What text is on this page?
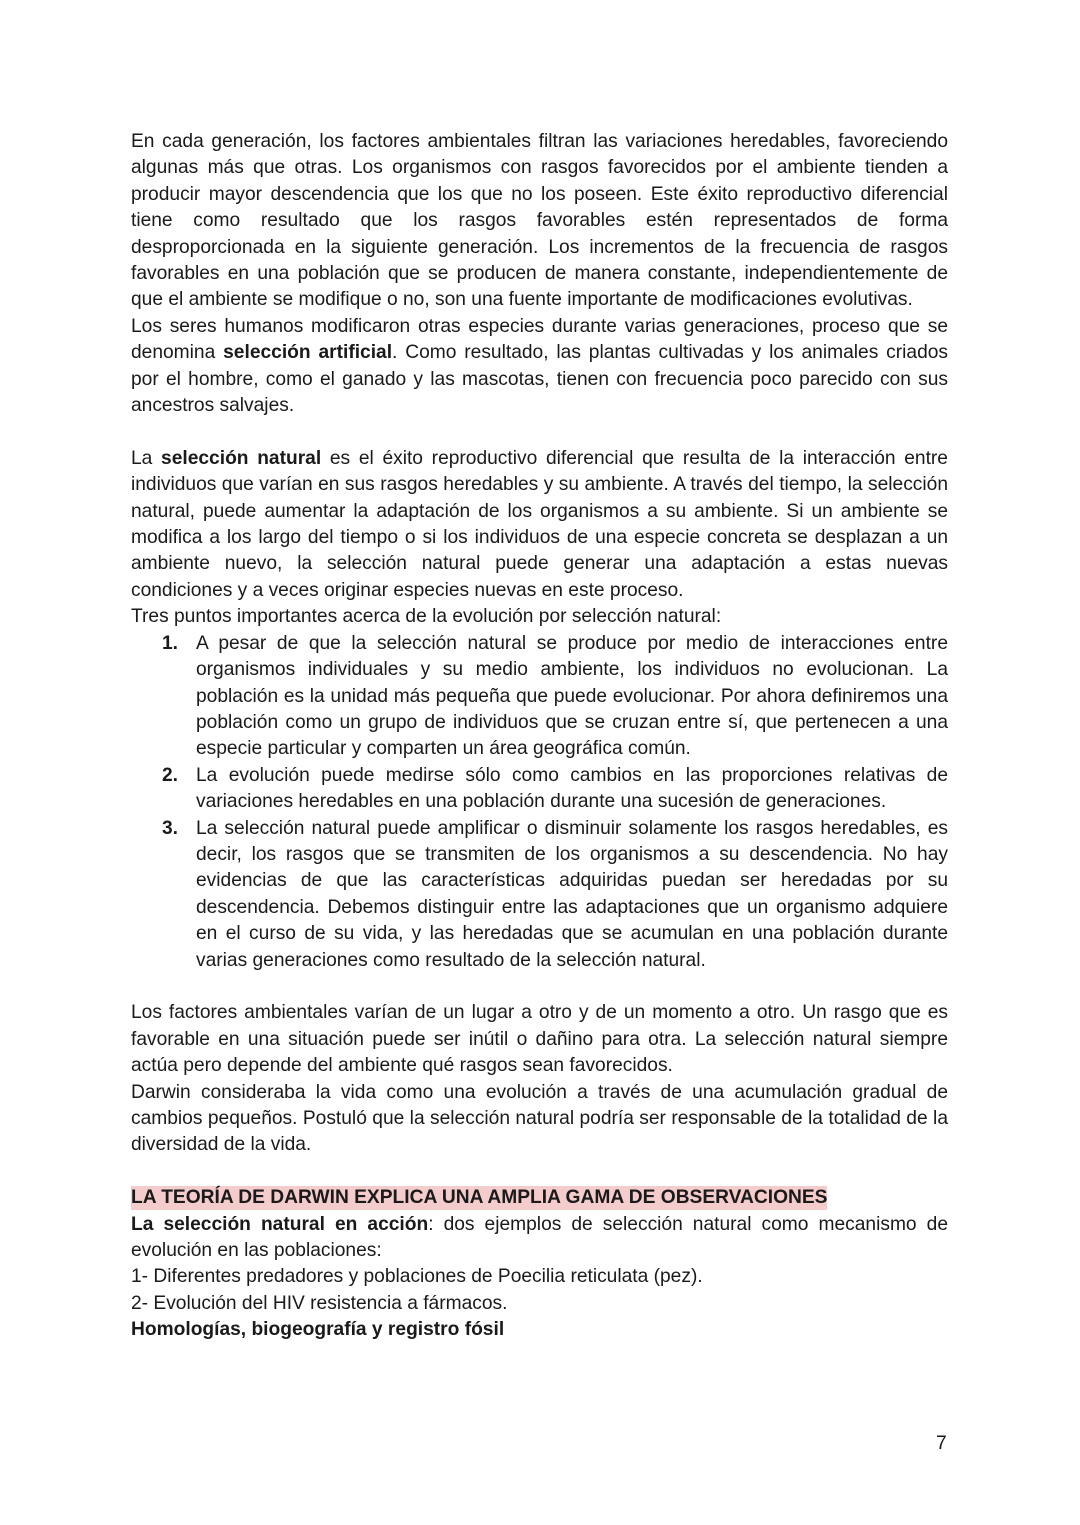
En cada generación, los factores ambientales filtran las variaciones heredables, favoreciendo algunas más que otras. Los organismos con rasgos favorecidos por el ambiente tienden a producir mayor descendencia que los que no los poseen. Este éxito reproductivo diferencial tiene como resultado que los rasgos favorables estén representados de forma desproporcionada en la siguiente generación. Los incrementos de la frecuencia de rasgos favorables en una población que se producen de manera constante, independientemente de que el ambiente se modifique o no, son una fuente importante de modificaciones evolutivas.

Los seres humanos modificaron otras especies durante varias generaciones, proceso que se denomina selección artificial. Como resultado, las plantas cultivadas y los animales criados por el hombre, como el ganado y las mascotas, tienen con frecuencia poco parecido con sus ancestros salvajes.

La selección natural es el éxito reproductivo diferencial que resulta de la interacción entre individuos que varían en sus rasgos heredables y su ambiente. A través del tiempo, la selección natural, puede aumentar la adaptación de los organismos a su ambiente. Si un ambiente se modifica a los largo del tiempo o si los individuos de una especie concreta se desplazan a un ambiente nuevo, la selección natural puede generar una adaptación a estas nuevas condiciones y a veces originar especies nuevas en este proceso.

Tres puntos importantes acerca de la evolución por selección natural:

1. A pesar de que la selección natural se produce por medio de interacciones entre organismos individuales y su medio ambiente, los individuos no evolucionan. La población es la unidad más pequeña que puede evolucionar. Por ahora definiremos una población como un grupo de individuos que se cruzan entre sí, que pertenecen a una especie particular y comparten un área geográfica común.
2. La evolución puede medirse sólo como cambios en las proporciones relativas de variaciones heredables en una población durante una sucesión de generaciones.
3. La selección natural puede amplificar o disminuir solamente los rasgos heredables, es decir, los rasgos que se transmiten de los organismos a su descendencia. No hay evidencias de que las características adquiridas puedan ser heredadas por su descendencia. Debemos distinguir entre las adaptaciones que un organismo adquiere en el curso de su vida, y las heredadas que se acumulan en una población durante varias generaciones como resultado de la selección natural.

Los factores ambientales varían de un lugar a otro y de un momento a otro. Un rasgo que es favorable en una situación puede ser inútil o dañino para otra. La selección natural siempre actúa pero depende del ambiente qué rasgos sean favorecidos.

Darwin consideraba la vida como una evolución a través de una acumulación gradual de cambios pequeños. Postuló que la selección natural podría ser responsable de la totalidad de la diversidad de la vida.

LA TEORÍA DE DARWIN EXPLICA UNA AMPLIA GAMA DE OBSERVACIONES

La selección natural en acción: dos ejemplos de selección natural como mecanismo de evolución en las poblaciones:

1- Diferentes predadores y poblaciones de Poecilia reticulata (pez).

2- Evolución del HIV resistencia a fármacos.

Homologías, biogeografía y registro fósil

7
